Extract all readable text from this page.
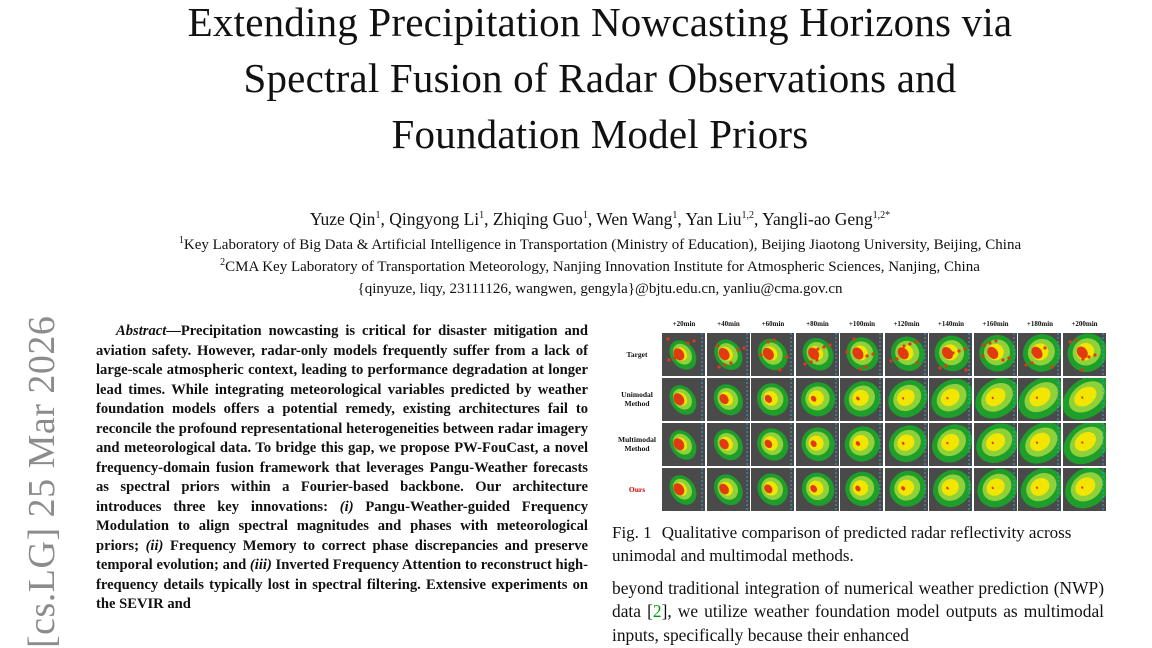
Extending Precipitation Nowcasting Horizons via
Spectral Fusion of Radar Observations and
Foundation Model Priors
Yuze Qin$^1$, Qingyong Li$^1$, Zhiqing Guo$^1$, Wen Wang$^1$, Yan Liu$^{1,2}$, Yangli-ao Geng$^{1,2*}$
$^1$Key Laboratory of Big Data & Artificial Intelligence in Transportation (Ministry of Education), Beijing Jiaotong University, Beijing, China
$^2$CMA Key Laboratory of Transportation Meteorology, Nanjing Innovation Institute for Atmospheric Sciences, Nanjing, China
{qinyuze, liqy, 23111126, wangwen, gengyla}@bjtu.edu.cn, yanliu@cma.gov.cn
[cs.LG] 25 Mar 2026	Abstract—Precipitation nowcasting is critical for disaster mitigation and aviation safety. However, radar-only models frequently suffer from a lack of large-scale atmospheric context, leading to performance degradation at longer lead times. While integrating meteorological variables predicted by weather foundation models offers a potential remedy, existing architectures fail to reconcile the profound representational heterogeneities between radar imagery and meteorological data. To bridge this gap, we propose PW-FouCast, a novel frequency-domain fusion framework that leverages Pangu-Weather forecasts as spectral priors within a Fourier-based backbone. Our architecture introduces three key innovations: (i) Pangu-Weather-guided Frequency Modulation to align spectral magnitudes and phases with meteorological priors; (ii) Frequency Memory to correct phase discrepancies and preserve temporal evolution; and (iii) Inverted Frequency Attention to reconstruct high-frequency details typically lost in spectral filtering. Extensive experiments on the SEVIR and

+20min	+40min	+60min	+80min	+100min	+120min	+140min	+160min	+180min	+200min
Target
Unimodal Method
Multimodal Method
Ours
Fig. 1 Qualitative comparison of predicted radar reflectivity across unimodal and multimodal methods.
beyond traditional integration of numerical weather prediction (NWP) data [2], we utilize weather foundation model outputs as multimodal inputs, specifically because their enhanced
